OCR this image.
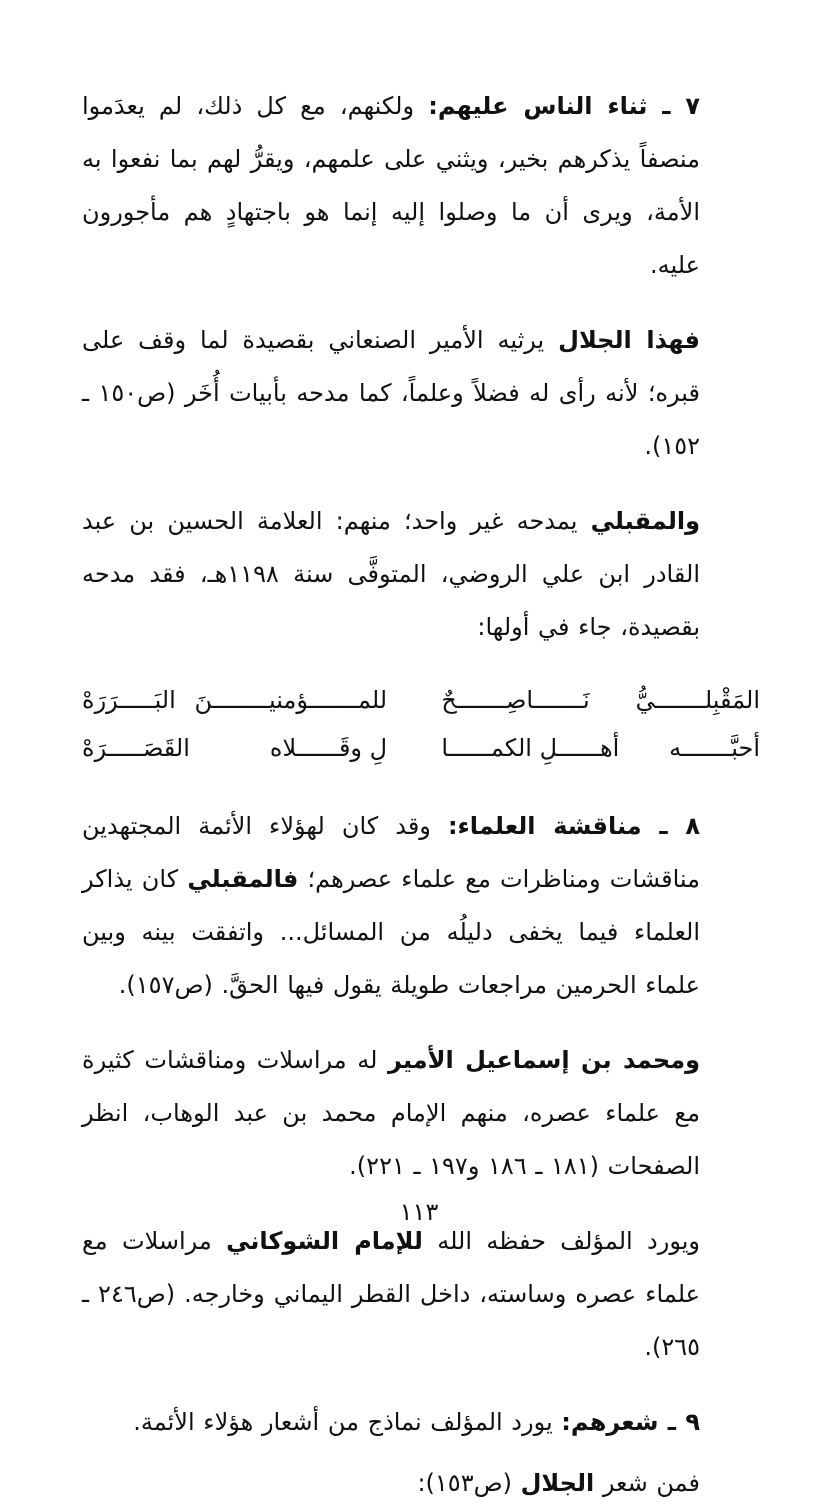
٧ ـ ثناء الناس عليهم: ولكنهم، مع كل ذلك، لم يعدَموا منصفاً يذكرهم بخير، ويثني على علمهم، ويقرُّ لهم بما نفعوا به الأمة، ويرى أن ما وصلوا إليه إنما هو باجتهادٍ هم مأجورون عليه.

فهذا الجلال يرثيه الأمير الصنعاني بقصيدة لما وقف على قبره؛ لأنه رأى له فضلاً وعلماً، كما مدحه بأبيات أُخَر (ص١٥٠ ـ ١٥٢).

والمقبلي يمدحه غير واحد؛ منهم: العلامة الحسين بن عبد القادر ابن علي الروضي، المتوفَّى سنة ١١٩٨هـ، فقد مدحه بقصيدة، جاء في أولها:

المَقْبِلـــــــيُّ
نَـــــــاصِـــــــحٌ
للمـــــــؤمنيــــــــنَ
البَـــــرَرَهْ
أحبَّـــــــه
أهــــــلِ الكمــــــا
لِ وقَــــــلاه
القَصَـــــرَهْ

٨ ـ مناقشة العلماء: وقد كان لهؤلاء الأئمة المجتهدين مناقشات ومناظرات مع علماء عصرهم؛ فالمقبلي كان يذاكر العلماء فيما يخفى دليلُه من المسائل... واتفقت بينه وبين علماء الحرمين مراجعات طويلة يقول فيها الحقَّ. (ص١٥٧).

ومحمد بن إسماعيل الأمير له مراسلات ومناقشات كثيرة مع علماء عصره، منهم الإمام محمد بن عبد الوهاب، انظر الصفحات (١٨١ ـ ١٨٦ و١٩٧ ـ ٢٢١).

ويورد المؤلف حفظه الله للإمام الشوكاني مراسلات مع علماء عصره وساسته، داخل القطر اليماني وخارجه. (ص٢٤٦ ـ ٢٦٥).

٩ ـ شعرهم: يورد المؤلف نماذج من أشعار هؤلاء الأئمة.

فمن شعر الجلال (ص١٥٣):

١١٣
